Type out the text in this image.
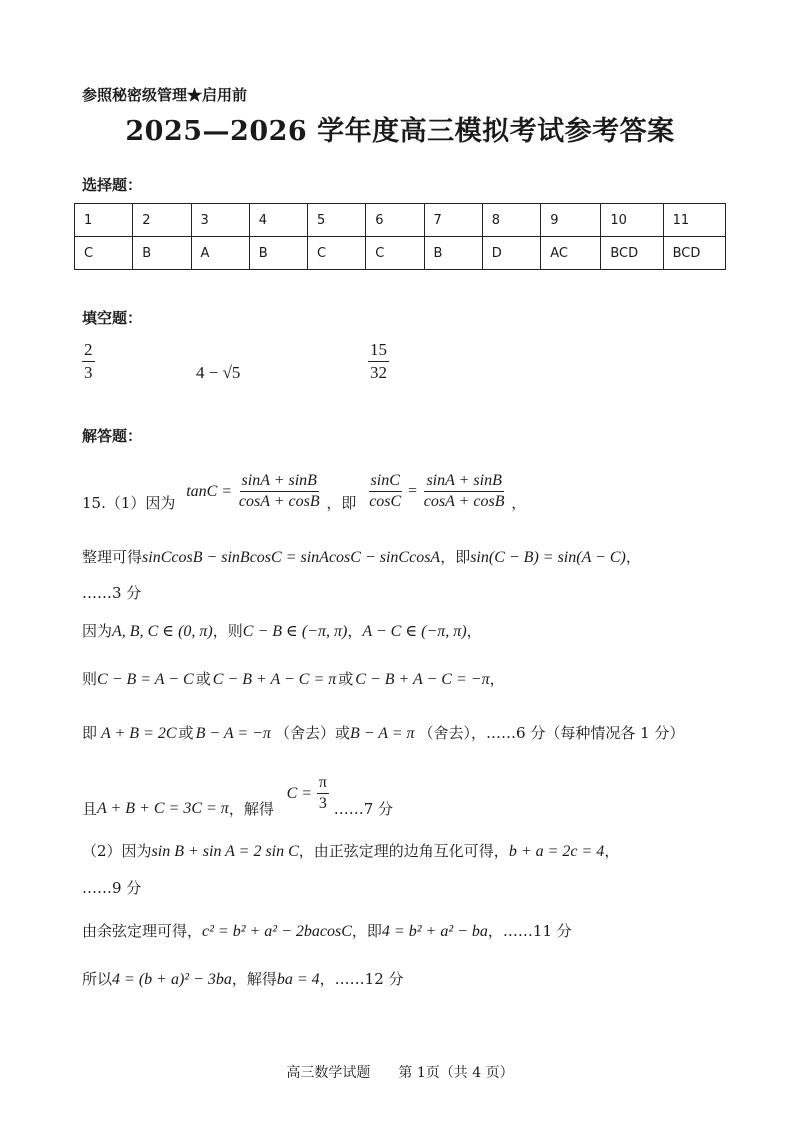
参照秘密级管理★启用前
2025—2026 学年度高三模拟考试参考答案
选择题：
1	2	3	4	5	6	7	8	9	10	11
C	B	A	B	C	C	B	D	AC	BCD	BCD
填空题：
$\frac{2}{3}$	4 − √5	$\frac{15}{32}$
解答题：
15.（1）因为 $\tan C = \frac{\sin A + \sin B}{\cos A + \cos B}$ ，即 $\frac{\sin C}{\cos C} = \frac{\sin A + \sin B}{\cos A + \cos B}$ ，
整理可得sinCcosB − sinBcosC = sinAcosC − sinCcosA，即sin(C − B) = sin(A − C)，
……3 分
因为A, B, C ∈ (0, π)，则C − B ∈ (−π, π)，A − C ∈ (−π, π)，
则C − B = A − C 或 C − B + A − C = π 或 C − B + A − C = −π，
即 A + B = 2C 或 B − A = −π （舍去）或B − A = π （舍去），……6 分（每种情况各 1 分）
且A + B + C = 3C = π，解得 $C = \frac{\pi}{3}$ ……7 分
（2）因为sin B + sin A = 2 sin C，由正弦定理的边角互化可得，b + a = 2c = 4，
……9 分
由余弦定理可得，c² = b² + a² − 2bacosC，即4 = b² + a² − ba，……11 分
所以4 = (b + a)² − 3ba，解得ba = 4，……12 分
高三数学试题　　第 1页（共 4 页）
